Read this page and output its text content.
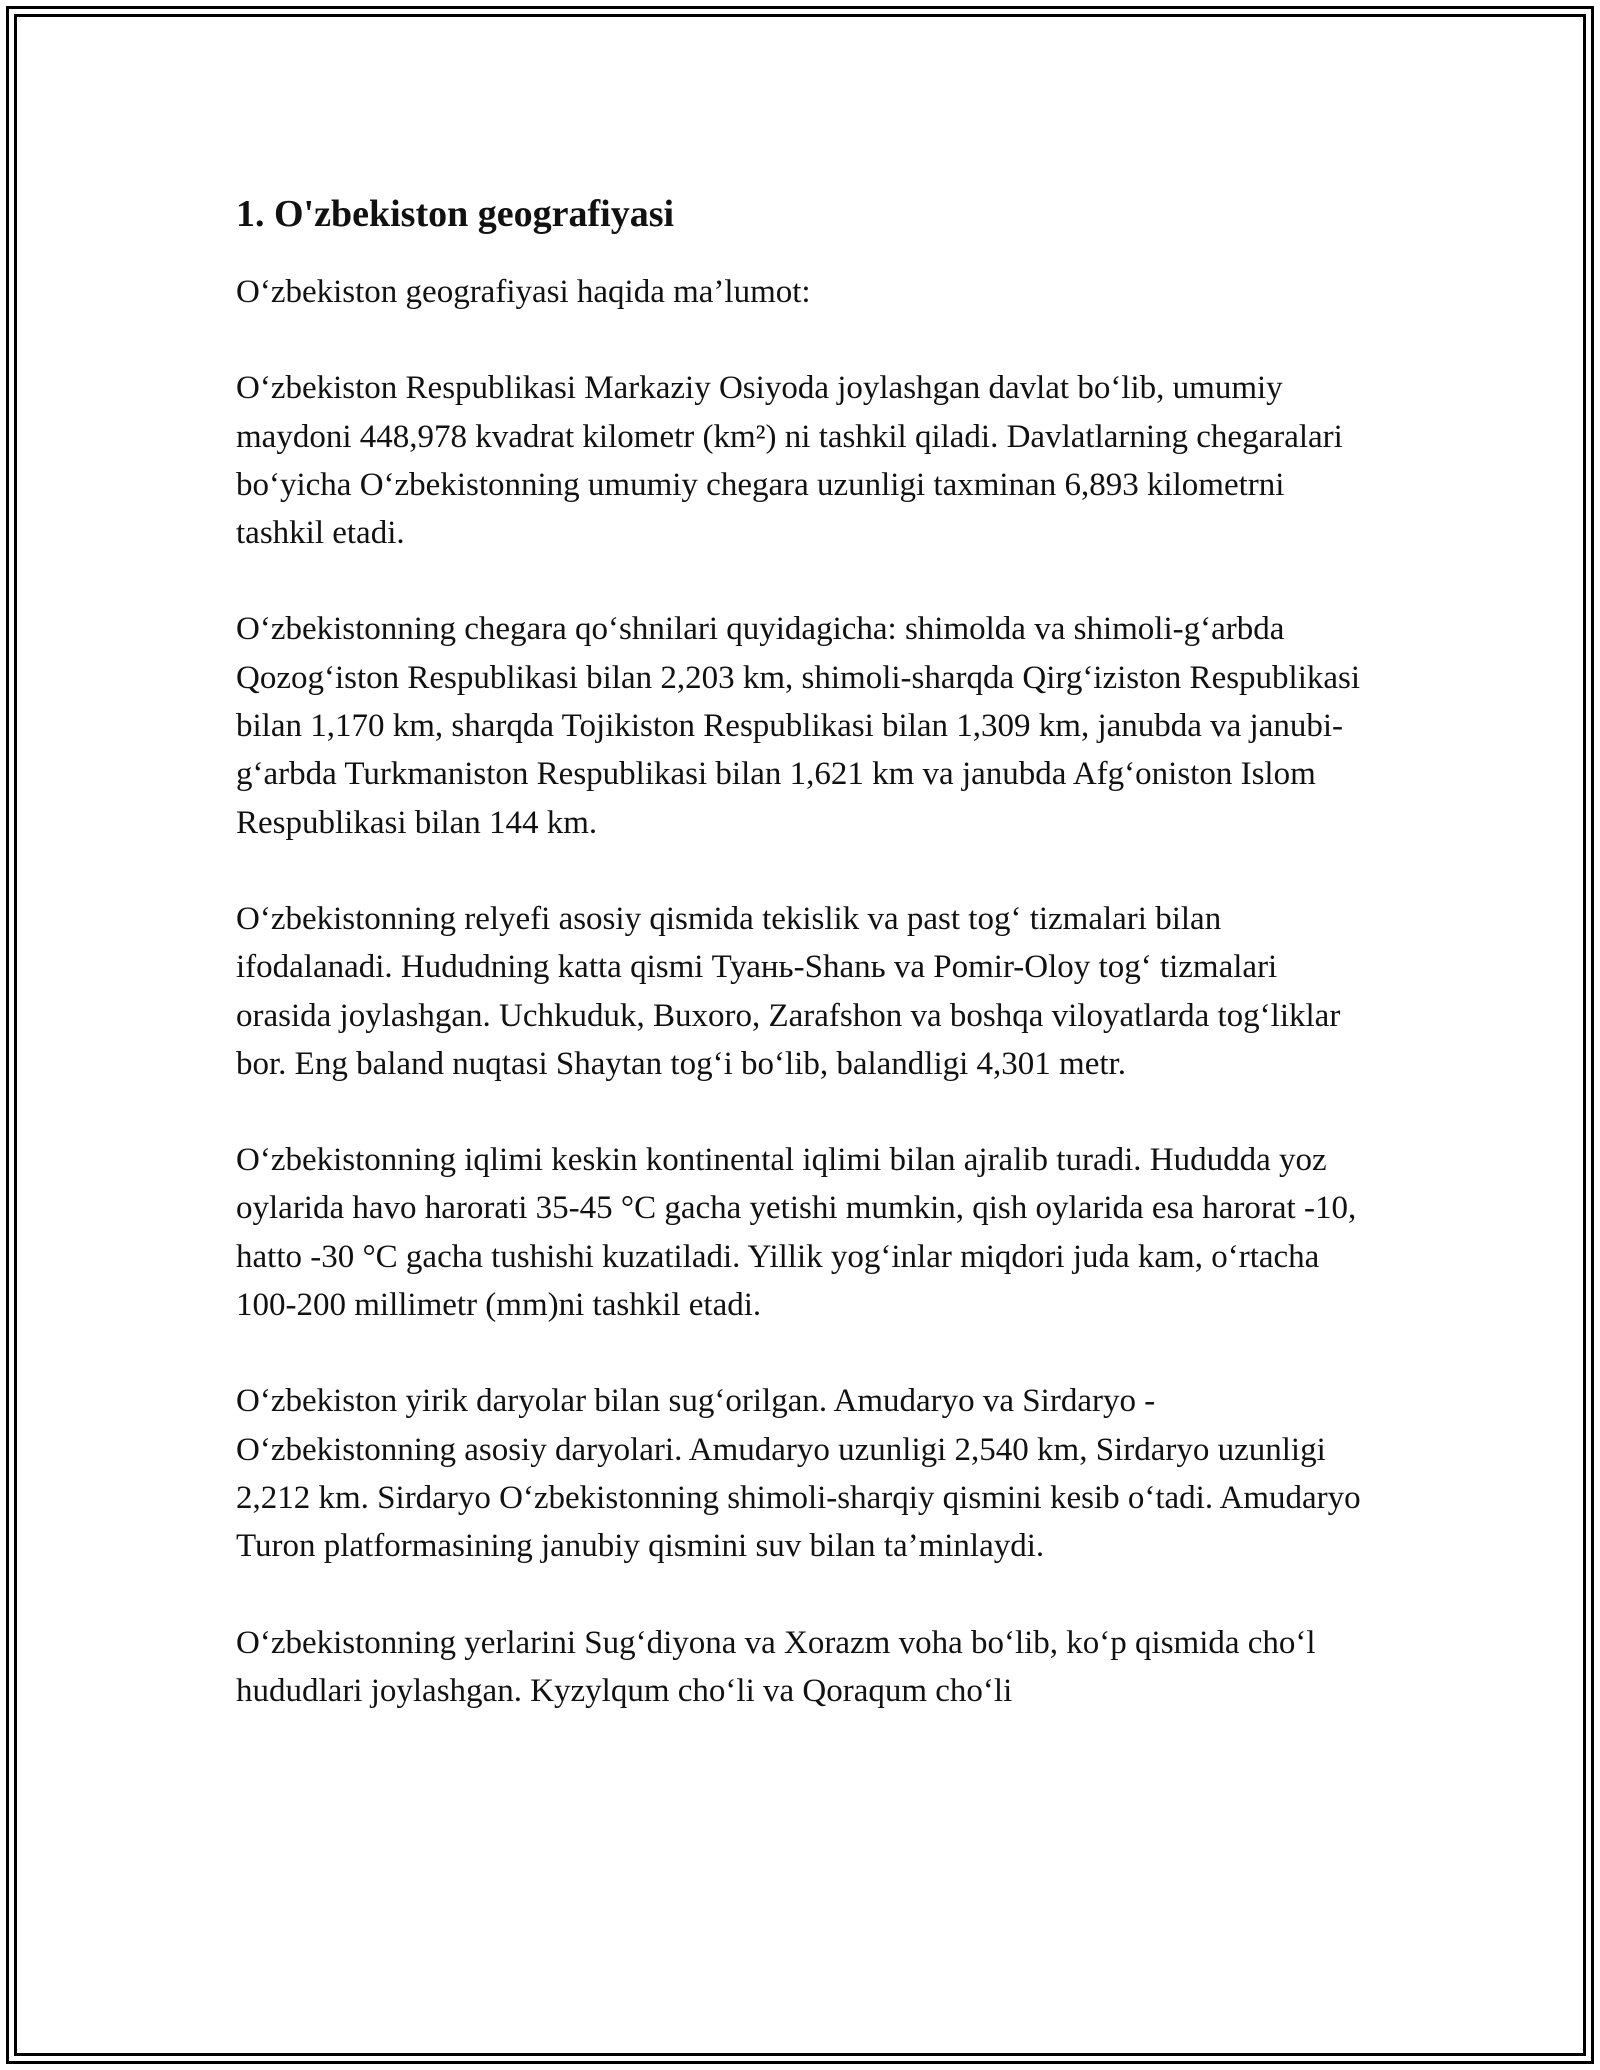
1. O'zbekiston geografiyasi

O‘zbekiston geografiyasi haqida ma’lumot:

O‘zbekiston Respublikasi Markaziy Osiyoda joylashgan davlat bo‘lib, umumiy maydoni 448,978 kvadrat kilometr (km²) ni tashkil qiladi. Davlatlarning chegaralari bo‘yicha O‘zbekistonning umumiy chegara uzunligi taxminan 6,893 kilometrni tashkil etadi.

O‘zbekistonning chegara qo‘shnilari quyidagicha: shimolda va shimoli-g‘arbda Qozog‘iston Respublikasi bilan 2,203 km, shimoli-sharqda Qirg‘iziston Respublikasi bilan 1,170 km, sharqda Tojikiston Respublikasi bilan 1,309 km, janubda va janubi-g‘arbda Turkmaniston Respublikasi bilan 1,621 km va janubda Afg‘oniston Islom Respublikasi bilan 144 km.

O‘zbekistonning relyefi asosiy qismida tekislik va past tog‘ tizmalari bilan ifodalanadi. Hududning katta qismi Туань-Shanь va Pomir-Oloy tog‘ tizmalari orasida joylashgan. Uchkuduk, Buxoro, Zarafshon va boshqa viloyatlarda tog‘liklar bor. Eng baland nuqtasi Shaytan tog‘i bo‘lib, balandligi 4,301 metr.

O‘zbekistonning iqlimi keskin kontinental iqlimi bilan ajralib turadi. Hududda yoz oylarida havo harorati 35-45 °C gacha yetishi mumkin, qish oylarida esa harorat -10, hatto -30 °C gacha tushishi kuzatiladi. Yillik yog‘inlar miqdori juda kam, o‘rtacha 100-200 millimetr (mm)ni tashkil etadi.

O‘zbekiston yirik daryolar bilan sug‘orilgan. Amudaryo va Sirdaryo - O‘zbekistonning asosiy daryolari. Amudaryo uzunligi 2,540 km, Sirdaryo uzunligi 2,212 km. Sirdaryo O‘zbekistonning shimoli-sharqiy qismini kesib o‘tadi. Amudaryo Turon platformasining janubiy qismini suv bilan ta’minlaydi.

O‘zbekistonning yerlarini Sug‘diyona va Xorazm voha bo‘lib, ko‘p qismida cho‘l hududlari joylashgan. Kyzylqum cho‘li va Qoraqum cho‘li
